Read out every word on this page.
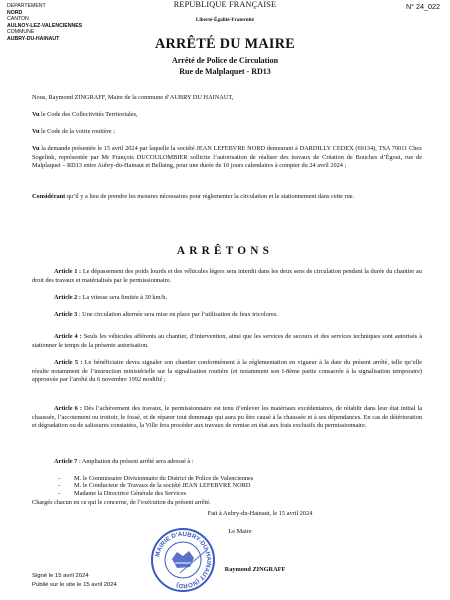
DEPARTEMENT
NORD
CANTON
AULNOY-LEZ-VALENCIENNES
COMMUNE
AUBRY-DU-HAINAUT
REPUBLIQUE FRANÇAISE
Liberté-Égalité-Fraternité
N° 24_022
ARRÊTÉ DU MAIRE
Arrêté de Police de Circulation
Rue de Malplaquet - RD13
Nous, Raymond ZINGRAFF, Maire de la commune d’AUBRY DU HAINAUT,
Vu le Code des Collectivités Territoriales,
Vu le Code de la voirie routière ;
Vu la demande présentée le 15 avril 2024 par laquelle la société JEAN LEFEBVRE NORD demeurant à DARDILLY CEDEX (69134), TSA 70011 Chez Sogelink, représentée par Mr François DUCOULOMBIER sollicite l’autorisation de réaliser des travaux de Création de Bouches d’Égout, rue de Malplaquet – RD13 entre Aubry-du-Hainaut et Bellaing, pour une durée de 10 jours calendaires à compter du 24 avril 2024 ;
Considérant qu’il y a lieu de prendre les mesures nécessaires pour réglementer la circulation et le stationnement dans cette rue.
ARRÊTONS
Article 1 : Le dépassement des poids lourds et des véhicules légers sera interdit dans les deux sens de circulation pendant la durée du chantier au droit des travaux et matérialisés par le permissionnaire.
Article 2 : La vitesse sera limitée à 30 km/h.
Article 3 : Une circulation alternée sera mise en place par l’utilisation de feux tricolores.
Article 4 : Seuls les véhicules afférents au chantier, d’intervention, ainsi que les services de secours et des services techniques sont autorisés à stationner le temps de la présente autorisation.
Article 5 : Le bénéficiaire devra signaler son chantier conformément à la réglementation en vigueur à la date du présent arrêté, telle qu’elle résulte notamment de l’instruction ministérielle sur la signalisation routière (et notamment son I-8ème partie consacrée à la signalisation temporaire) approuvée par l’arrêté du 6 novembre 1992 modifié ;
Article 6 : Dès l’achèvement des travaux, le permissionnaire est tenu d’enlever les matériaux excédentaires, de rétablir dans leur état initial la chaussée, l’accotement ou trottoir, le fossé, et de réparer tout dommage qui aura pu être causé à la chaussée et à ses dépendances. En cas de détérioration et dégradation ou de salissures constatées, la Ville fera procéder aux travaux de remise en état aux frais exclusifs du permissionnaire.
Article 7 : Ampliation du présent arrêté sera adressé à :
-	M. le Commissaire Divisionnaire du District de Police de Valenciennes
-	M. le Conducteur de Travaux de la société JEAN LEFEBVRE NORD
-	Madame la Directrice Générale des Services
Chargés chacun en ce qui le concerne, de l’exécution du présent arrêté.
Fait à Aubry-du-Hainaut, le 15 avril 2024
Le Maire
Raymond ZINGRAFF
MAIRIE D'AUBRY-DU-HAINAUT (NORD)
Signé le 15 avril 2024
Publié sur le site le 15 avril 2024
